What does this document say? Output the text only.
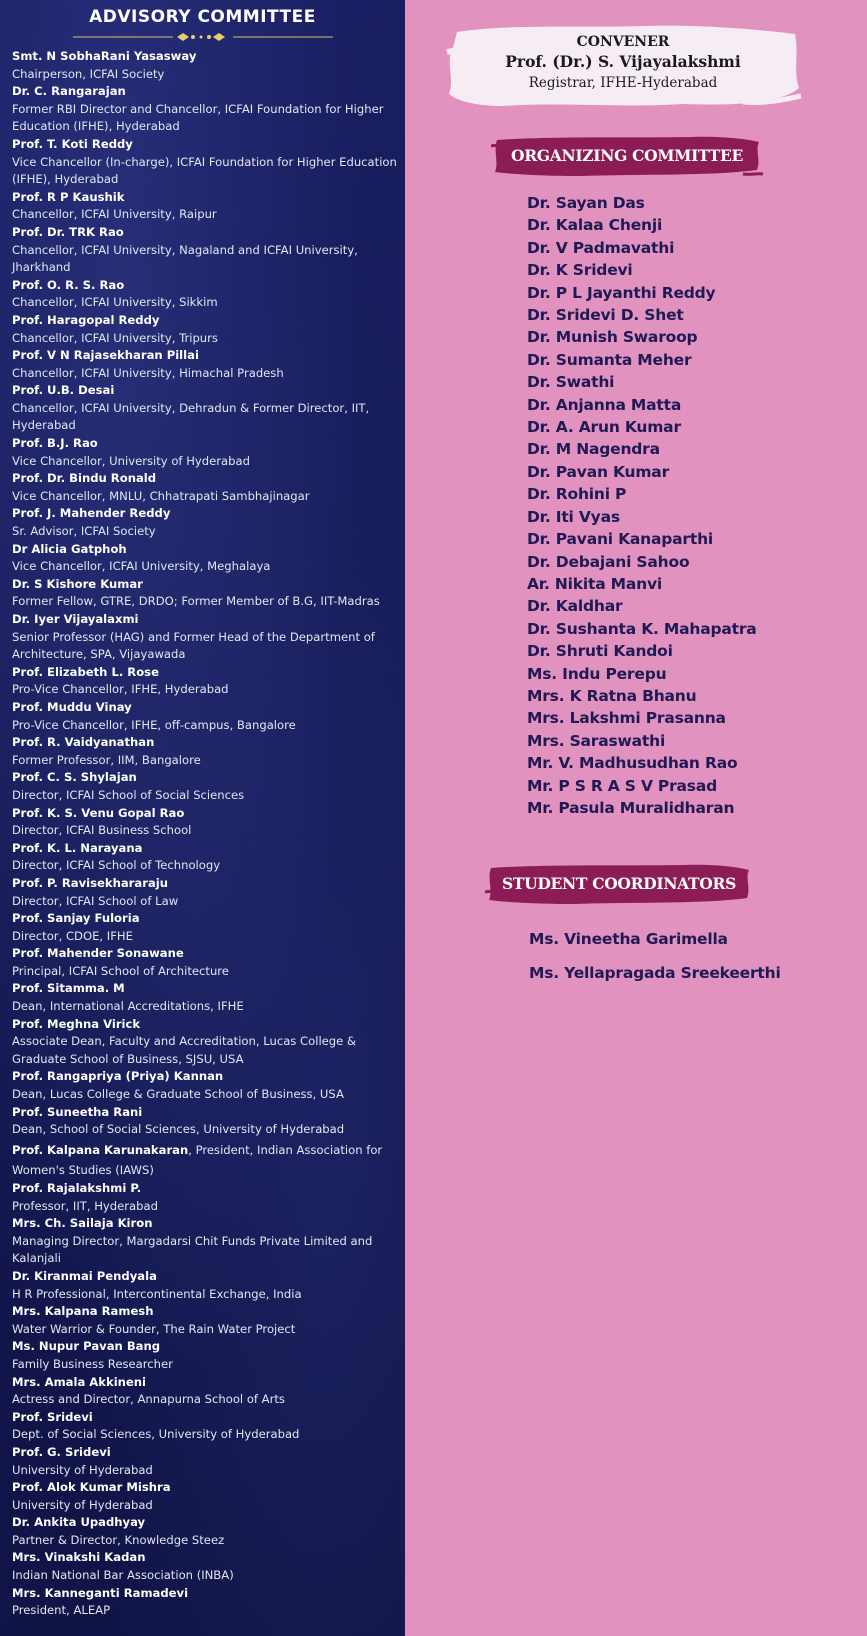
ADVISORY COMMITTEE
Smt. N SobhaRani Yasasway
Chairperson, ICFAI Society
Dr. C. Rangarajan
Former RBI Director and Chancellor, ICFAI Foundation for Higher Education (IFHE), Hyderabad
Prof. T. Koti Reddy
Vice Chancellor (In-charge), ICFAI Foundation for Higher Education (IFHE), Hyderabad
Prof. R P Kaushik
Chancellor, ICFAI University, Raipur
Prof. Dr. TRK Rao
Chancellor, ICFAI University, Nagaland and ICFAI University, Jharkhand
Prof. O. R. S. Rao
Chancellor, ICFAI University, Sikkim
Prof. Haragopal Reddy
Chancellor, ICFAI University, Tripurs
Prof. V N Rajasekharan Pillai
Chancellor, ICFAI University, Himachal Pradesh
Prof. U.B. Desai
Chancellor, ICFAI University, Dehradun & Former Director, IIT, Hyderabad
Prof. B.J. Rao
Vice Chancellor, University of Hyderabad
Prof. Dr. Bindu Ronald
Vice Chancellor, MNLU, Chhatrapati Sambhajinagar
Prof. J. Mahender Reddy
Sr. Advisor, ICFAI Society
Dr Alicia Gatphoh
Vice Chancellor, ICFAI University, Meghalaya
Dr. S Kishore Kumar
Former Fellow, GTRE, DRDO; Former Member of B.G, IIT-Madras
Dr. Iyer Vijayalaxmi
Senior Professor (HAG) and Former Head of the Department of Architecture, SPA, Vijayawada
Prof. Elizabeth L. Rose
Pro-Vice Chancellor, IFHE, Hyderabad
Prof. Muddu Vinay
Pro-Vice Chancellor, IFHE, off-campus, Bangalore
Prof. R. Vaidyanathan
Former Professor, IIM, Bangalore
Prof. C. S. Shylajan
Director, ICFAI School of Social Sciences
Prof. K. S. Venu Gopal Rao
Director, ICFAI Business School
Prof. K. L. Narayana
Director, ICFAI School of Technology
Prof. P. Ravisekhararaju
Director, ICFAI School of Law
Prof. Sanjay Fuloria
Director, CDOE, IFHE
Prof. Mahender Sonawane
Principal, ICFAI School of Architecture
Prof. Sitamma. M
Dean, International Accreditations, IFHE
Prof. Meghna Virick
Associate Dean, Faculty and Accreditation, Lucas College & Graduate School of Business, SJSU, USA
Prof. Rangapriya (Priya) Kannan
Dean, Lucas College & Graduate School of Business, USA
Prof. Suneetha Rani
Dean, School of Social Sciences, University of Hyderabad
Prof. Kalpana Karunakaran, President, Indian Association for Women's Studies (IAWS)
Prof. Rajalakshmi P.
Professor, IIT, Hyderabad
Mrs. Ch. Sailaja Kiron
Managing Director, Margadarsi Chit Funds Private Limited and Kalanjali
Dr. Kiranmai Pendyala
H R Professional, Intercontinental Exchange, India
Mrs. Kalpana Ramesh
Water Warrior & Founder, The Rain Water Project
Ms. Nupur Pavan Bang
Family Business Researcher
Mrs. Amala Akkineni
Actress and Director, Annapurna School of Arts
Prof. Sridevi
Dept. of Social Sciences, University of Hyderabad
Prof. G. Sridevi
University of Hyderabad
Prof. Alok Kumar Mishra
University of Hyderabad
Dr. Ankita Upadhyay
Partner & Director, Knowledge Steez
Mrs. Vinakshi Kadan
Indian National Bar Association (INBA)
Mrs. Kanneganti Ramadevi
President, ALEAP
CONVENER
Prof. (Dr.) S. Vijayalakshmi
Registrar, IFHE-Hyderabad
ORGANIZING COMMITTEE
Dr. Sayan Das
Dr. Kalaa Chenji
Dr. V Padmavathi
Dr. K Sridevi
Dr. P L Jayanthi Reddy
Dr. Sridevi D. Shet
Dr. Munish Swaroop
Dr. Sumanta Meher
Dr. Swathi
Dr. Anjanna Matta
Dr. A. Arun Kumar
Dr. M Nagendra
Dr. Pavan Kumar
Dr. Rohini P
Dr. Iti Vyas
Dr. Pavani Kanaparthi
Dr. Debajani Sahoo
Ar. Nikita Manvi
Dr. Kaldhar
Dr. Sushanta K. Mahapatra
Dr. Shruti Kandoi
Ms. Indu Perepu
Mrs. K Ratna Bhanu
Mrs. Lakshmi Prasanna
Mrs. Saraswathi
Mr. V. Madhusudhan Rao
Mr. P S R A S V Prasad
Mr. Pasula Muralidharan
STUDENT COORDINATORS
Ms. Vineetha Garimella
Ms. Yellapragada Sreekeerthi
